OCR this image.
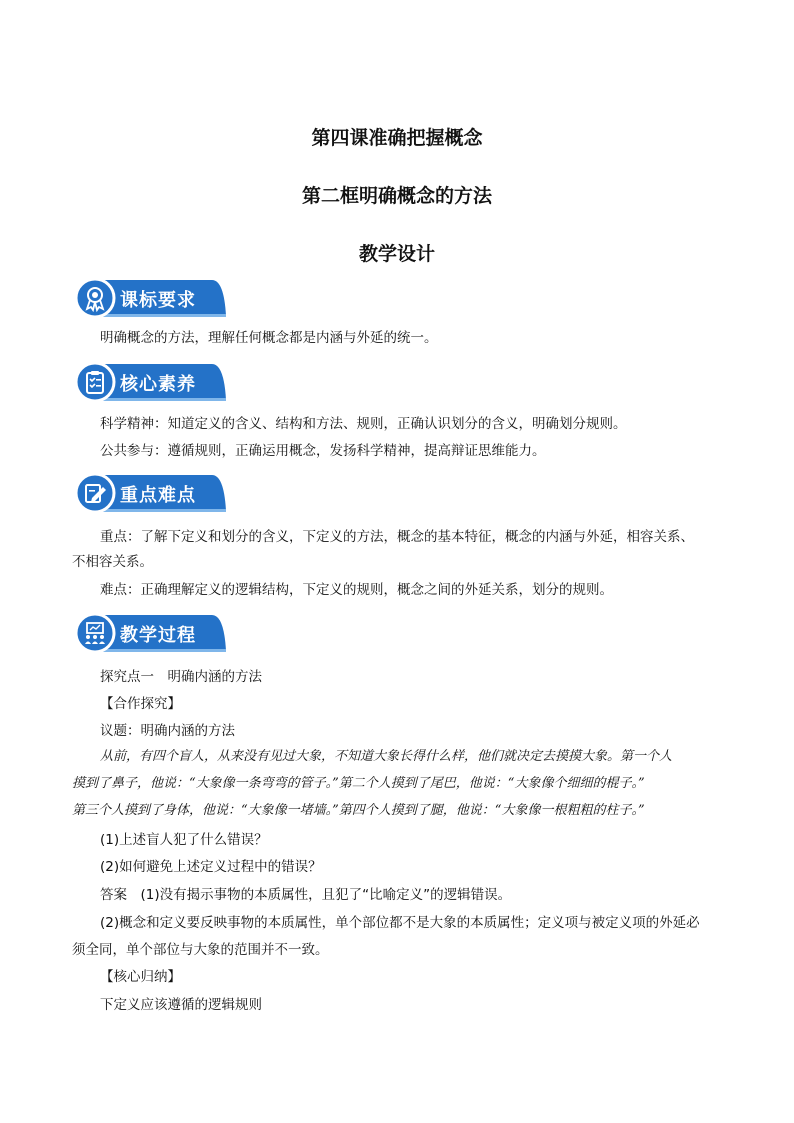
第四课准确把握概念
第二框明确概念的方法
教学设计
课标要求
明确概念的方法，理解任何概念都是内涵与外延的统一。
核心素养
科学精神：知道定义的含义、结构和方法、规则，正确认识划分的含义，明确划分规则。
公共参与：遵循规则，正确运用概念，发扬科学精神，提高辩证思维能力。
重点难点
重点：了解下定义和划分的含义，下定义的方法，概念的基本特征，概念的内涵与外延，相容关系、
不相容关系。
难点：正确理解定义的逻辑结构，下定义的规则，概念之间的外延关系，划分的规则。
教学过程
探究点一　明确内涵的方法
【合作探究】
议题：明确内涵的方法
从前，有四个盲人，从来没有见过大象，不知道大象长得什么样，他们就决定去摸摸大象。第一个人
摸到了鼻子，他说：“大象像一条弯弯的管子。”第二个人摸到了尾巴，他说：“大象像个细细的棍子。”
第三个人摸到了身体，他说：“大象像一堵墙。”第四个人摸到了腿，他说：“大象像一根粗粗的柱子。”
(1)上述盲人犯了什么错误？
(2)如何避免上述定义过程中的错误？
答案　(1)没有揭示事物的本质属性，且犯了“比喻定义”的逻辑错误。
(2)概念和定义要反映事物的本质属性，单个部位都不是大象的本质属性；定义项与被定义项的外延必
须全同，单个部位与大象的范围并不一致。
【核心归纳】
下定义应该遵循的逻辑规则
